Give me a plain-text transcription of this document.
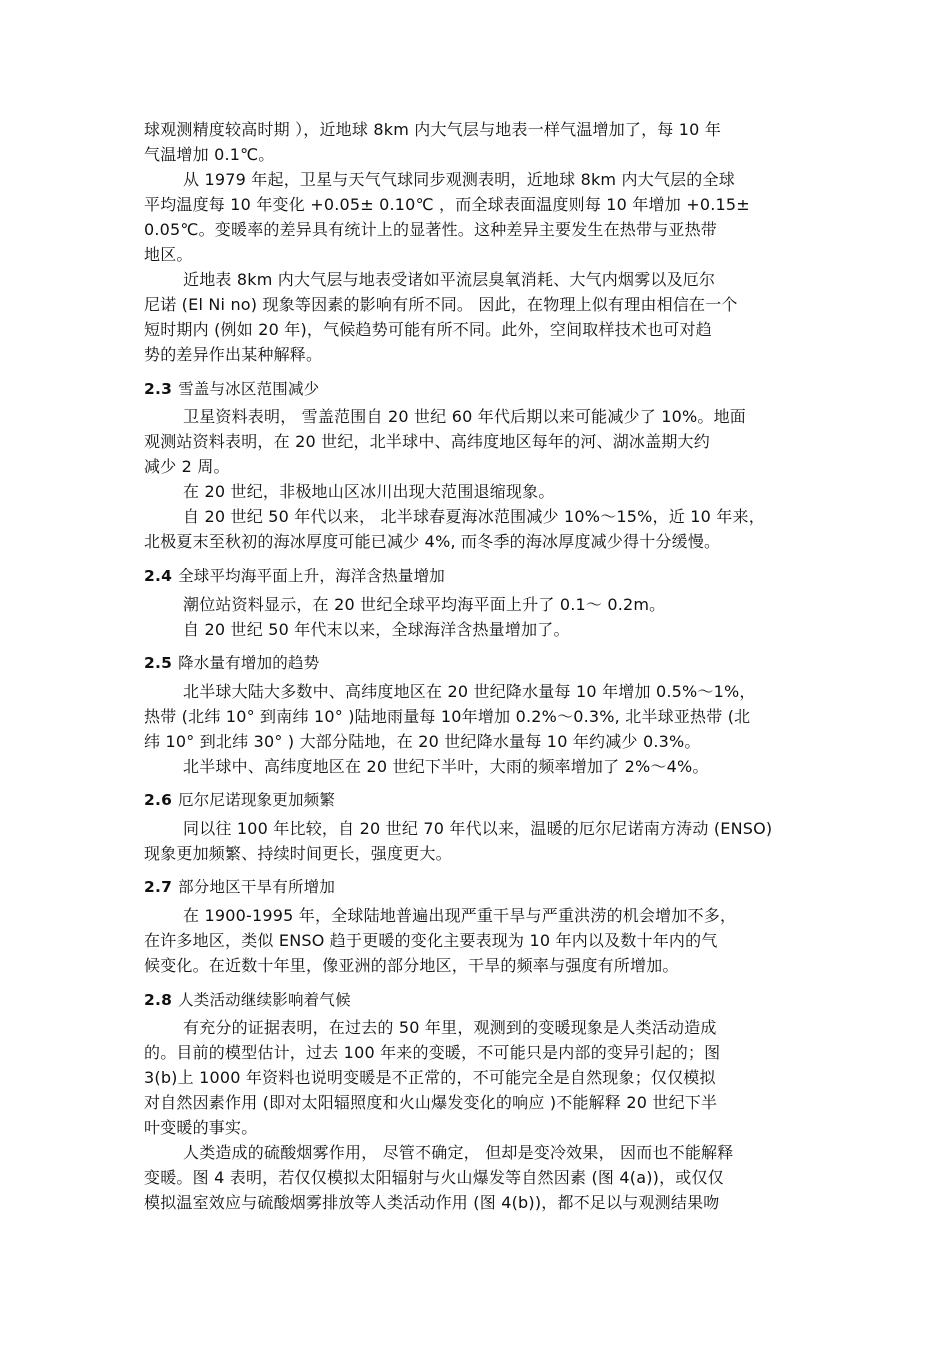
球观测精度较高时期 ），近地球 8km 内大气层与地表一样气温增加了，每 10 年
气温增加 0.1℃。
从 1979 年起，卫星与天气气球同步观测表明，近地球 8km 内大气层的全球
平均温度每 10 年变化 +0.05± 0.10℃ ，而全球表面温度则每 10 年增加 +0.15±
0.05℃。变暖率的差异具有统计上的显著性。这种差异主要发生在热带与亚热带
地区。
近地表 8km 内大气层与地表受诸如平流层臭氧消耗、大气内烟雾以及厄尔
尼诺 (El Ni no) 现象等因素的影响有所不同。 因此，在物理上似有理由相信在一个
短时期内 (例如 20 年)，气候趋势可能有所不同。此外，空间取样技术也可对趋
势的差异作出某种解释。
2.3 雪盖与冰区范围减少
卫星资料表明， 雪盖范围自 20 世纪 60 年代后期以来可能减少了 10%。地面
观测站资料表明，在 20 世纪，北半球中、高纬度地区每年的河、湖冰盖期大约
减少 2 周。
在 20 世纪，非极地山区冰川出现大范围退缩现象。
自 20 世纪 50 年代以来， 北半球春夏海冰范围减少 10%～15%，近 10 年来，
北极夏末至秋初的海冰厚度可能已减少 4%, 而冬季的海冰厚度减少得十分缓慢。
2.4 全球平均海平面上升，海洋含热量增加
潮位站资料显示，在 20 世纪全球平均海平面上升了 0.1～ 0.2m。
自 20 世纪 50 年代末以来，全球海洋含热量增加了。
2.5 降水量有增加的趋势
北半球大陆大多数中、高纬度地区在 20 世纪降水量每 10 年增加 0.5%～1%，
热带 (北纬 10° 到南纬 10° )陆地雨量每 10年增加 0.2%～0.3%, 北半球亚热带 (北
纬 10° 到北纬 30° ) 大部分陆地，在 20 世纪降水量每 10 年约减少 0.3%。
北半球中、高纬度地区在 20 世纪下半叶，大雨的频率增加了 2%～4%。
2.6 厄尔尼诺现象更加频繁
同以往 100 年比较，自 20 世纪 70 年代以来，温暖的厄尔尼诺南方涛动 (ENSO)
现象更加频繁、持续时间更长，强度更大。
2.7 部分地区干旱有所增加
在 1900-1995 年，全球陆地普遍出现严重干旱与严重洪涝的机会增加不多，
在许多地区，类似 ENSO 趋于更暖的变化主要表现为 10 年内以及数十年内的气
候变化。在近数十年里，像亚洲的部分地区，干旱的频率与强度有所增加。
2.8 人类活动继续影响着气候
有充分的证据表明，在过去的 50 年里，观测到的变暖现象是人类活动造成
的。目前的模型估计，过去 100 年来的变暖，不可能只是内部的变异引起的；图
3(b)上 1000 年资料也说明变暖是不正常的，不可能完全是自然现象；仅仅模拟
对自然因素作用 (即对太阳辐照度和火山爆发变化的响应 )不能解释 20 世纪下半
叶变暖的事实。
人类造成的硫酸烟雾作用， 尽管不确定， 但却是变冷效果， 因而也不能解释
变暖。图 4 表明，若仅仅模拟太阳辐射与火山爆发等自然因素 (图 4(a))，或仅仅
模拟温室效应与硫酸烟雾排放等人类活动作用 (图 4(b))，都不足以与观测结果吻
